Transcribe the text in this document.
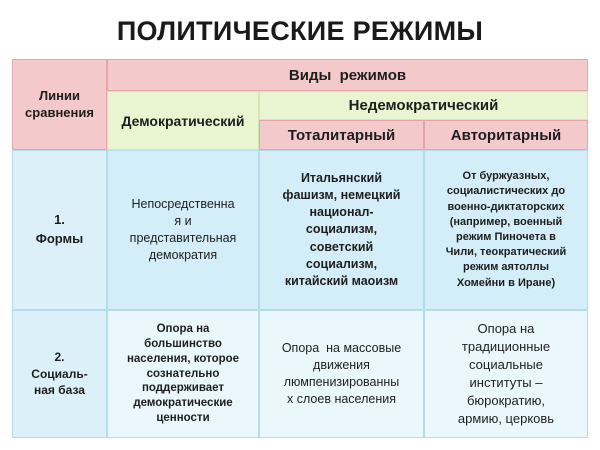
ПОЛИТИЧЕСКИЕ РЕЖИМЫ
Линии сравнения
Виды  режимов
Демократический
Недемократический
Тоталитарный	Авторитарный
1.
Формы
Непосредственна
я и
представительная
демократия
Итальянский
фашизм, немецкий
национал-
социализм,
советский
социализм,
китайский маоизм
От буржуазных,
социалистических до
военно-диктаторских
(например, военный
режим Пиночета в
Чили, теократический
режим аятоллы
Хомейни в Иране)
2.
Социаль-
ная база
Опора на
большинство
населения, которое
сознательно
поддерживает
демократические
ценности
Опора  на массовые
движения
люмпенизированны
х слоев населения
Опора на
традиционные
социальные
институты –
бюрократию,
армию, церковь
